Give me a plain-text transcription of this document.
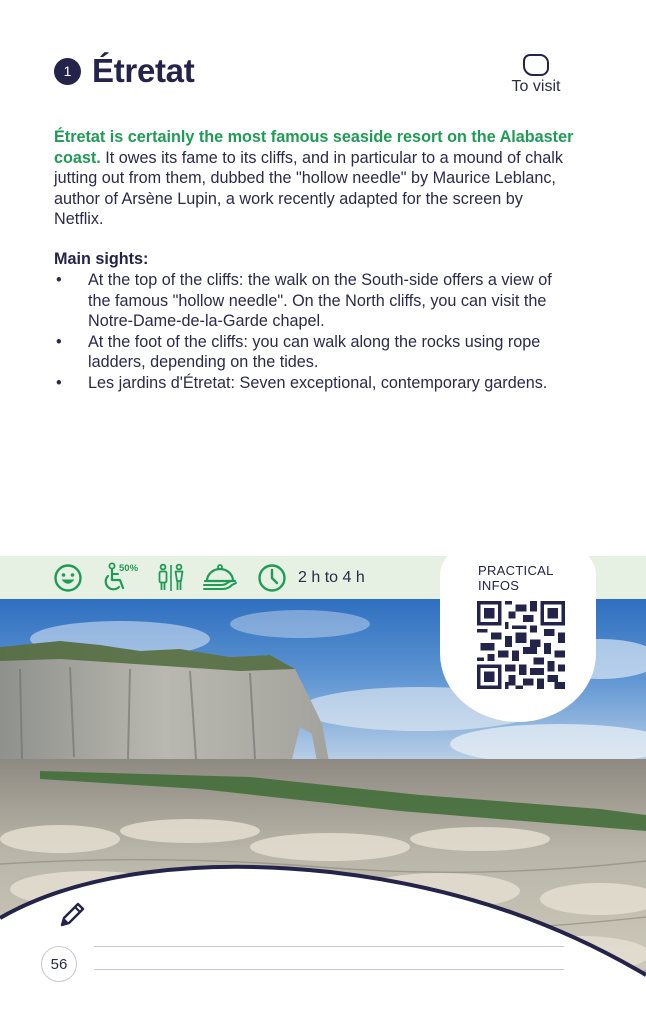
1 Étretat	To visit

Étretat is certainly the most famous seaside resort on the Alabaster coast. It owes its fame to its cliffs, and in particular to a mound of chalk jutting out from them, dubbed the "hollow needle" by Maurice Leblanc, author of Arsène Lupin, a work recently adapted for the screen by Netflix.

Main sights:
• At the top of the cliffs: the walk on the South-side offers a view of the famous "hollow needle". On the North cliffs, you can visit the Notre-Dame-de-la-Garde chapel.
• At the foot of the cliffs: you can walk along the rocks using rope ladders, depending on the tides.
• Les jardins d'Étretat: Seven exceptional, contemporary gardens.
50%
2 h to 4 h	PRACTICAL
INFOS
56
